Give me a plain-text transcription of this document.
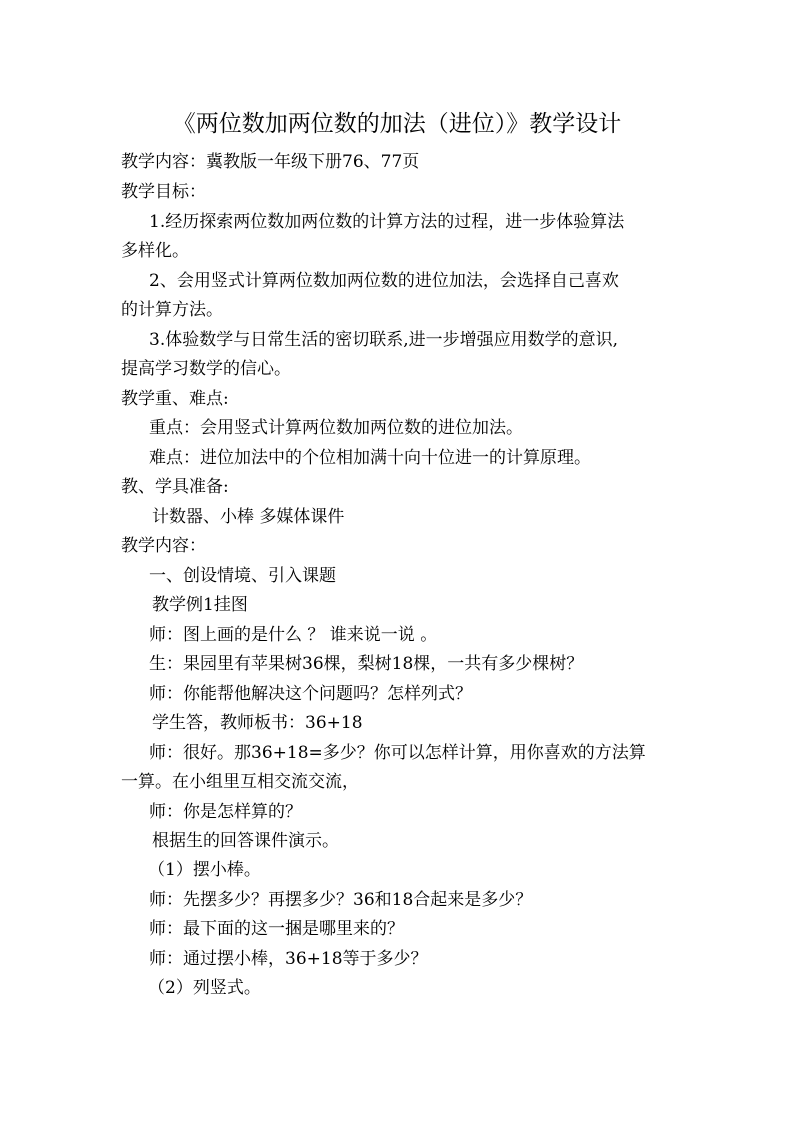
《两位数加两位数的加法（进位）》教学设计
教学内容：冀教版一年级下册76、77页
教学目标：
1.经历探索两位数加两位数的计算方法的过程，进一步体验算法
多样化。
2、会用竖式计算两位数加两位数的进位加法，会选择自己喜欢
的计算方法。
3.体验数学与日常生活的密切联系,进一步增强应用数学的意识,
提高学习数学的信心。
教学重、难点:
重点：会用竖式计算两位数加两位数的进位加法。
难点：进位加法中的个位相加满十向十位进一的计算原理。
教、学具准备:
计数器、小棒 多媒体课件
教学内容：
一、创设情境、引入课题
教学例1挂图
师：图上画的是什么 ？ 谁来说一说 。
生：果园里有苹果树36棵，梨树18棵，一共有多少棵树？
师：你能帮他解决这个问题吗？怎样列式？
学生答，教师板书：36+18
师：很好。那36+18=多少？你可以怎样计算，用你喜欢的方法算
一算。在小组里互相交流交流，
师：你是怎样算的？
根据生的回答课件演示。
（1）摆小棒。
师：先摆多少？再摆多少？36和18合起来是多少？
师：最下面的这一捆是哪里来的？
师：通过摆小棒，36+18等于多少？
（2）列竖式。
